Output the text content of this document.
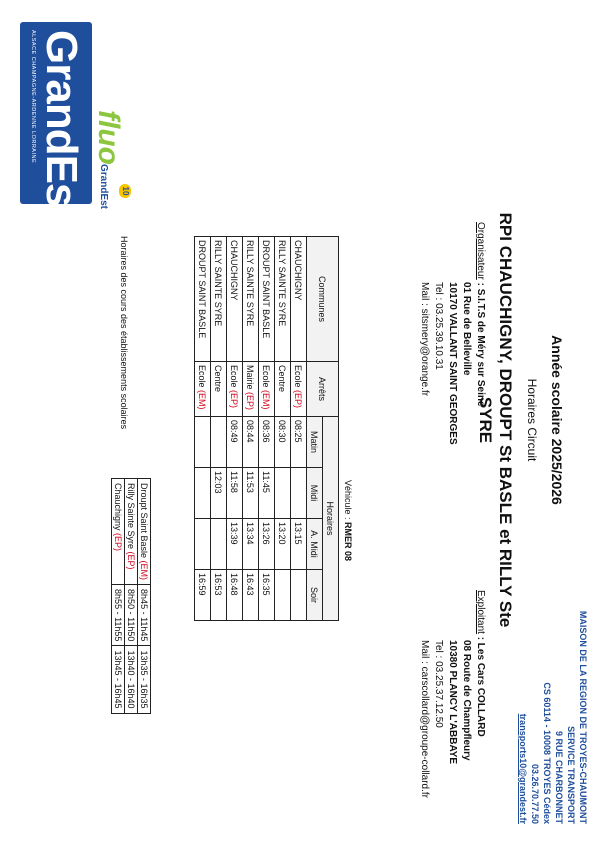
GrandEst
ALSACE CHAMPAGNE-ARDENNE LORRAINE fluo
GrandEst 10
MAISON DE LA REGION DE TROYES-CHAUMONT
SERVICE TRANSPORT
9 RUE CHARBONNET
CS 60114 - 10008 TROYES Cédex
03.26.70.77.50
transports10@grandest.fr
Année scolaire 2025/2026
Horaires Circuit
RPI CHAUCHIGNY, DROUPT St BASLE et RILLY Ste SYRE
Organisateur : S.I.T.S de Méry sur Seine
01 Rue de Belleville
10170 VALLANT SAINT GEORGES
Tel : 03.25.39.10.31
Mail : sitsmery@orange.fr
Exploitant : Les Cars COLLARD
08 Route de Champfleury
10380 PLANCY L'ABBAYE
Tel : 03.25.37.12.50
Mail : carscollard@groupe-collard.fr
Véhicule : RMER 08
Communes	Arrêts	Horaires			
		Matin	Midi	A. Midi	Soir
CHAUCHIGNY	Ecole (EP)	08:25		13:15	
RILLY SAINTE SYRE	Centre	08:30		13:20	
DROUPT SAINT BASLE	Ecole (EM)	08:36	11:45	13:26	16:35
RILLY SAINTE SYRE	Mairie (EP)	08:44	11:53	13:34	16:43
CHAUCHIGNY	Ecole (EP)	08:49	11:58	13:39	16:48
RILLY SAINTE SYRE	Centre		12:03		16:53
DROUPT SAINT BASLE	Ecole (EM)				16:59
Horaires des cours des établissements scolaires
Droupt Saint Basle (EM)	8h45 - 11h45	13h35 - 16h35
Rilly Sainte Syre (EP)	8h50 - 11h50	13h40 - 16h40
Chauchigny (EP)	8h55 - 11h55	13h45 - 16h45
